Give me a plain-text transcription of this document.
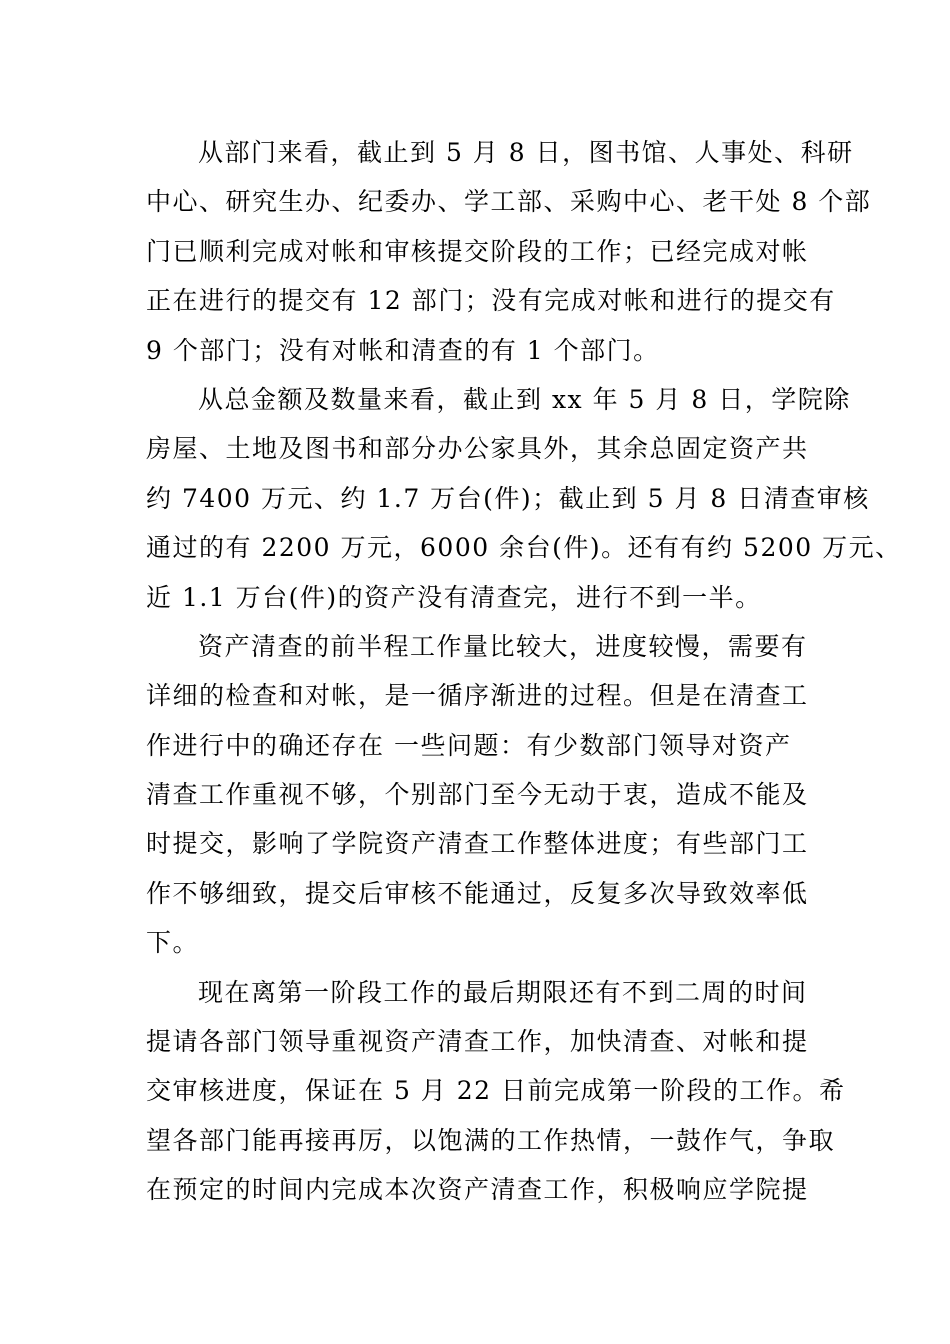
从部门来看，截止到 5 月 8 日，图书馆、人事处、科研
中心、研究生办、纪委办、学工部、采购中心、老干处 8 个部
门已顺利完成对帐和审核提交阶段的工作；已经完成对帐
正在进行的提交有 12 部门；没有完成对帐和进行的提交有
9 个部门；没有对帐和清查的有 1 个部门。
从总金额及数量来看，截止到 xx 年 5 月 8 日，学院除
房屋、土地及图书和部分办公家具外，其余总固定资产共
约 7400 万元、约 1.7 万台(件)；截止到 5 月 8 日清查审核
通过的有 2200 万元，6000 余台(件)。还有有约 5200 万元、
近 1.1 万台(件)的资产没有清查完，进行不到一半。
资产清查的前半程工作量比较大，进度较慢，需要有
详细的检查和对帐，是一循序渐进的过程。但是在清查工
作进行中的确还存在 一些问题：有少数部门领导对资产
清查工作重视不够，个别部门至今无动于衷，造成不能及
时提交，影响了学院资产清查工作整体进度；有些部门工
作不够细致，提交后审核不能通过，反复多次导致效率低
下。
现在离第一阶段工作的最后期限还有不到二周的时间
提请各部门领导重视资产清查工作，加快清查、对帐和提
交审核进度，保证在 5 月 22 日前完成第一阶段的工作。希
望各部门能再接再厉，以饱满的工作热情，一鼓作气，争取
在预定的时间内完成本次资产清查工作，积极响应学院提
